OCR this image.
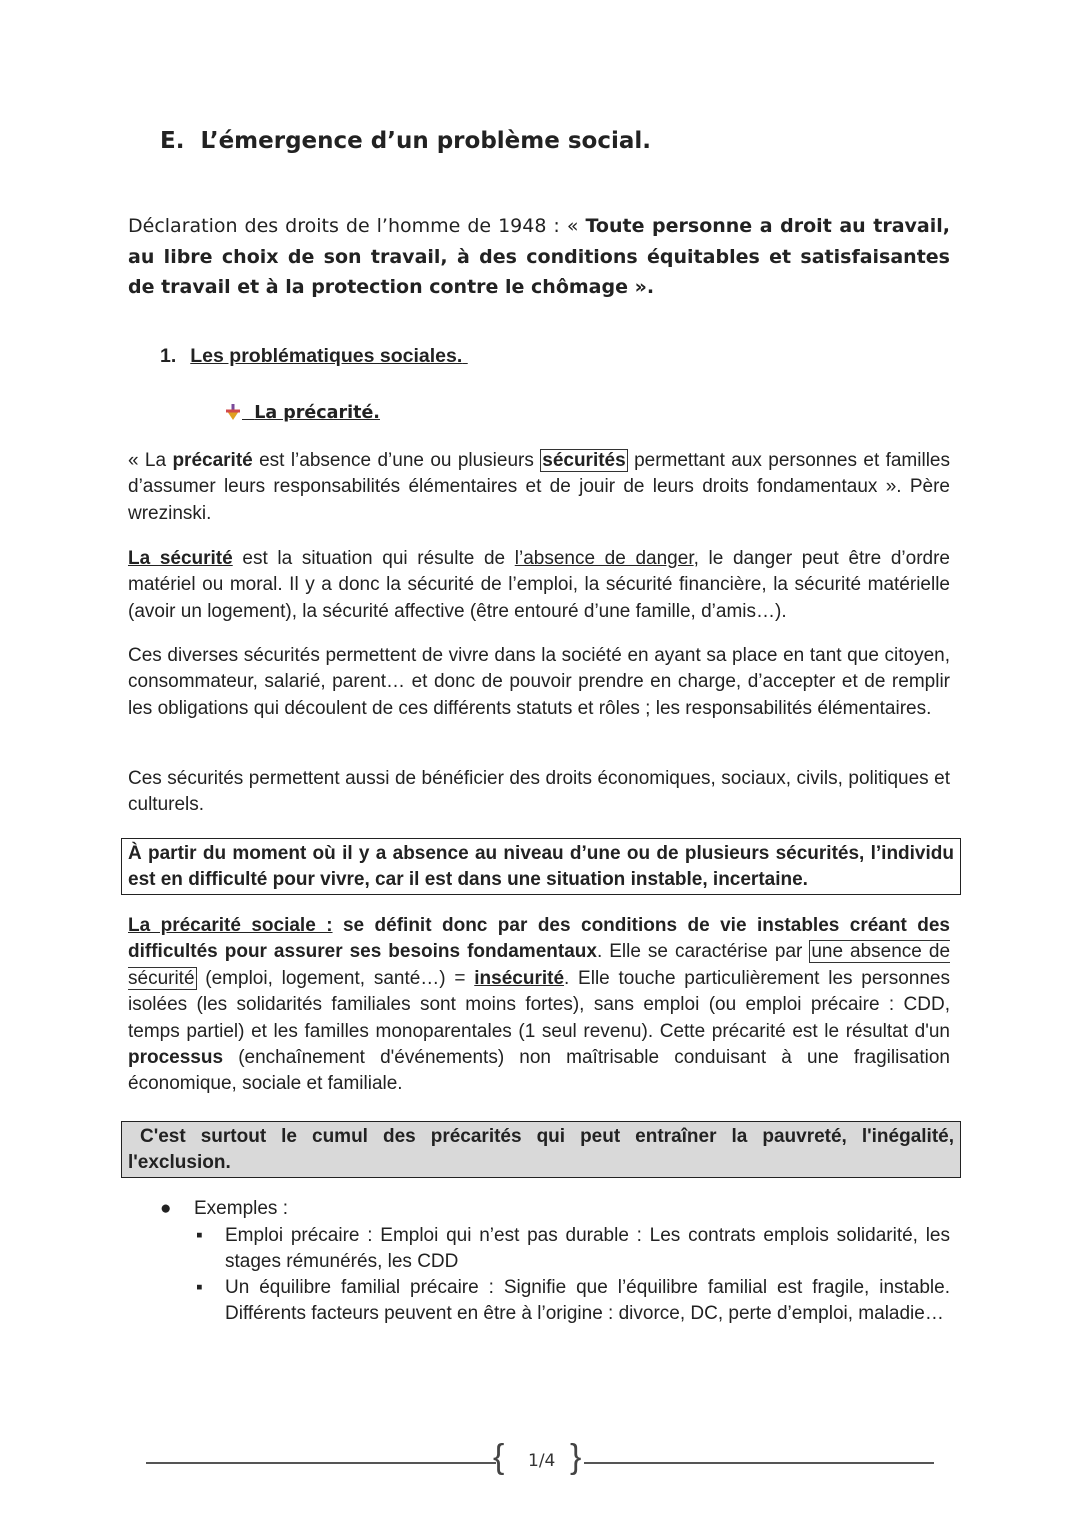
E. L’émergence d’un problème social.
Déclaration des droits de l’homme de 1948 : « Toute personne a droit au travail, au libre choix de son travail, à des conditions équitables et satisfaisantes de travail et à la protection contre le chômage ».
1. Les problématiques sociales.
La précarité.
« La précarité est l’absence d’une ou plusieurs sécurités permettant aux personnes et familles d’assumer leurs responsabilités élémentaires et de jouir de leurs droits fondamentaux ». Père wrezinski.
La sécurité est la situation qui résulte de l’absence de danger, le danger peut être d’ordre matériel ou moral. Il y a donc la sécurité de l’emploi, la sécurité financière, la sécurité matérielle (avoir un logement), la sécurité affective (être entouré d’une famille, d’amis…).
Ces diverses sécurités permettent de vivre dans la société en ayant sa place en tant que citoyen, consommateur, salarié, parent… et donc de pouvoir prendre en charge, d’accepter et de remplir les obligations qui découlent de ces différents statuts et rôles ; les responsabilités élémentaires.
Ces sécurités permettent aussi de bénéficier des droits économiques, sociaux, civils, politiques et culturels.
À partir du moment où il y a absence au niveau d’une ou de plusieurs sécurités, l’individu est en difficulté pour vivre, car il est dans une situation instable, incertaine.
La précarité sociale : se définit donc par des conditions de vie instables créant des difficultés pour assurer ses besoins fondamentaux. Elle se caractérise par une absence de sécurité (emploi, logement, santé…) = insécurité. Elle touche particulièrement les personnes isolées (les solidarités familiales sont moins fortes), sans emploi (ou emploi précaire : CDD, temps partiel) et les familles monoparentales (1 seul revenu). Cette précarité est le résultat d'un processus (enchaînement d'événements) non maîtrisable conduisant à une fragilisation économique, sociale et familiale.
C'est surtout le cumul des précarités qui peut entraîner la pauvreté, l'inégalité, l'exclusion.
● Exemples :
▪ Emploi précaire : Emploi qui n’est pas durable : Les contrats emplois solidarité, les stages rémunérés, les CDD
▪ Un équilibre familial précaire : Signifie que l’équilibre familial est fragile, instable. Différents facteurs peuvent en être à l’origine : divorce, DC, perte d’emploi, maladie…
{ 1/4 }
